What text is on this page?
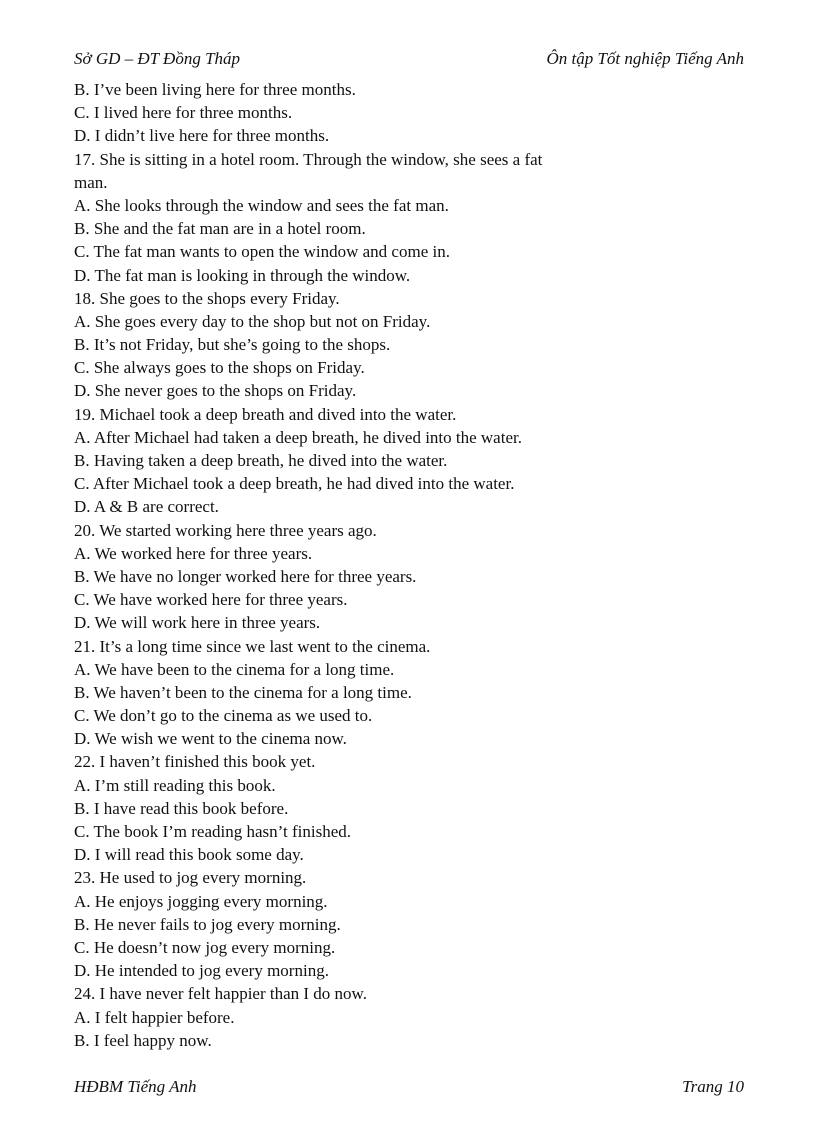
Sở GD – ĐT Đồng Tháp	Ôn tập Tốt nghiệp Tiếng Anh
B. I’ve been living here for three months.
C. I lived here for three months.
D. I didn’t live here for three months.
17. She is sitting in a hotel room. Through the window, she sees a fat
man.
A. She looks through the window and sees the fat man.
B. She and the fat man are in a hotel room.
C. The fat man wants to open the window and come in.
D. The fat man is looking in through the window.
18. She goes to the shops every Friday.
A. She goes every day to the shop but not on Friday.
B. It’s not Friday, but she’s going to the shops.
C. She always goes to the shops on Friday.
D. She never goes to the shops on Friday.
19. Michael took a deep breath and dived into the water.
A. After Michael had taken a deep breath, he dived into the water.
B. Having taken a deep breath, he dived into the water.
C. After Michael took a deep breath, he had dived into the water.
D. A & B are correct.
20. We started working here three years ago.
A. We worked here for three years.
B. We have no longer worked here for three years.
C. We have worked here for three years.
D. We will work here in three years.
21. It’s a long time since we last went to the cinema.
A. We have been to the cinema for a long time.
B. We haven’t been to the cinema for a long time.
C. We don’t go to the cinema as we used to.
D. We wish we went to the cinema now.
22. I haven’t finished this book yet.
A. I’m still reading this book.
B. I have read this book before.
C. The book I’m reading hasn’t finished.
D. I will read this book some day.
23. He used to jog every morning.
A. He enjoys jogging every morning.
B. He never fails to jog every morning.
C. He doesn’t now jog every morning.
D. He intended to jog every morning.
24. I have never felt happier than I do now.
A. I felt happier before.
B. I feel happy now.
HĐBM Tiếng Anh	Trang 10
